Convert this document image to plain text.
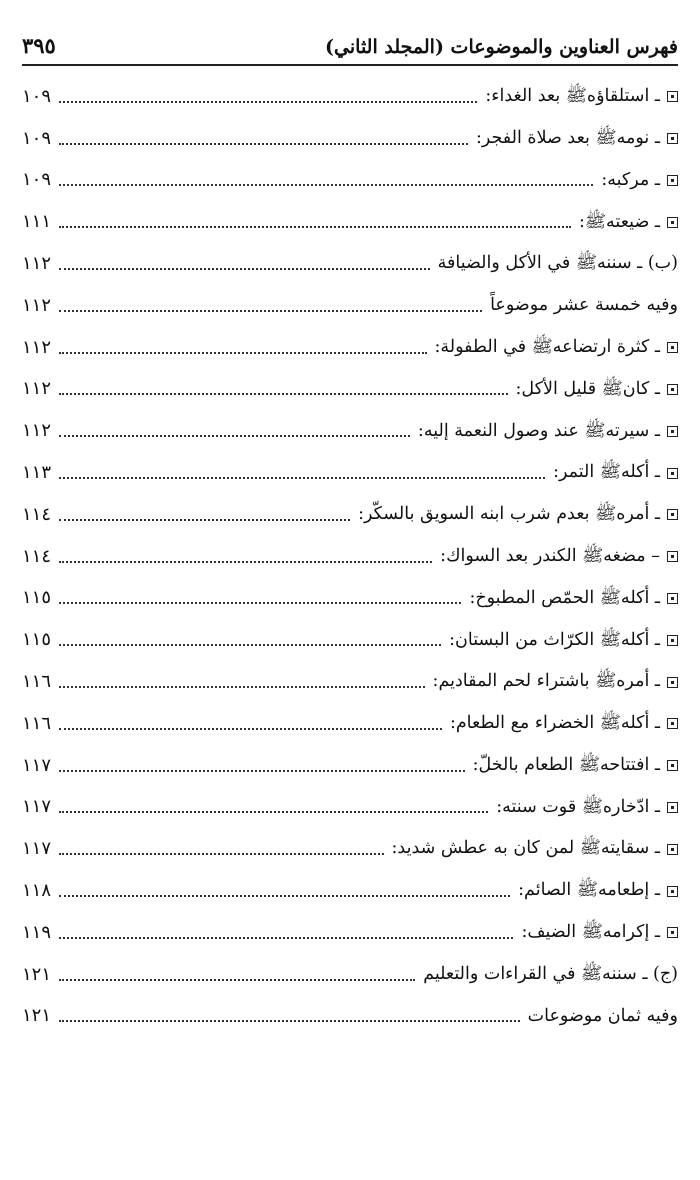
فهرس العناوين والموضوعات (المجلد الثاني)
٣٩٥
ـ استلقاؤهﷺ بعد الغداء:
١٠٩
ـ نومهﷺ بعد صلاة الفجر:
١٠٩
ـ مركبه:
١٠٩
ـ ضيعتهﷺ:
١١١
(ب) ـ سننهﷺ في الأكل والضيافة
١١٢
وفيه خمسة عشر موضوعاً
١١٢
ـ كثرة ارتضاعهﷺ في الطفولة:
١١٢
ـ كانﷺ قليل الأكل:
١١٢
ـ سيرتهﷺ عند وصول النعمة إليه:
١١٢
ـ أكلهﷺ التمر:
١١٣
ـ أمرهﷺ بعدم شرب ابنه السويق بالسكّر:
١١٤
– مضغهﷺ الكندر بعد السواك:
١١٤
ـ أكلهﷺ الحمّص المطبوخ:
١١٥
ـ أكلهﷺ الكرّاث من البستان:
١١٥
ـ أمرهﷺ باشتراء لحم المقاديم:
١١٦
ـ أكلهﷺ الخضراء مع الطعام:
١١٦
ـ افتتاحهﷺ الطعام بالخلّ:
١١٧
ـ ادّخارهﷺ قوت سنته:
١١٧
ـ سقايتهﷺ لمن كان به عطش شديد:
١١٧
ـ إطعامهﷺ الصائم:
١١٨
ـ إكرامهﷺ الضيف:
١١٩
(ج) ـ سننهﷺ في القراءات والتعليم
١٢١
وفيه ثمان موضوعات
١٢١
